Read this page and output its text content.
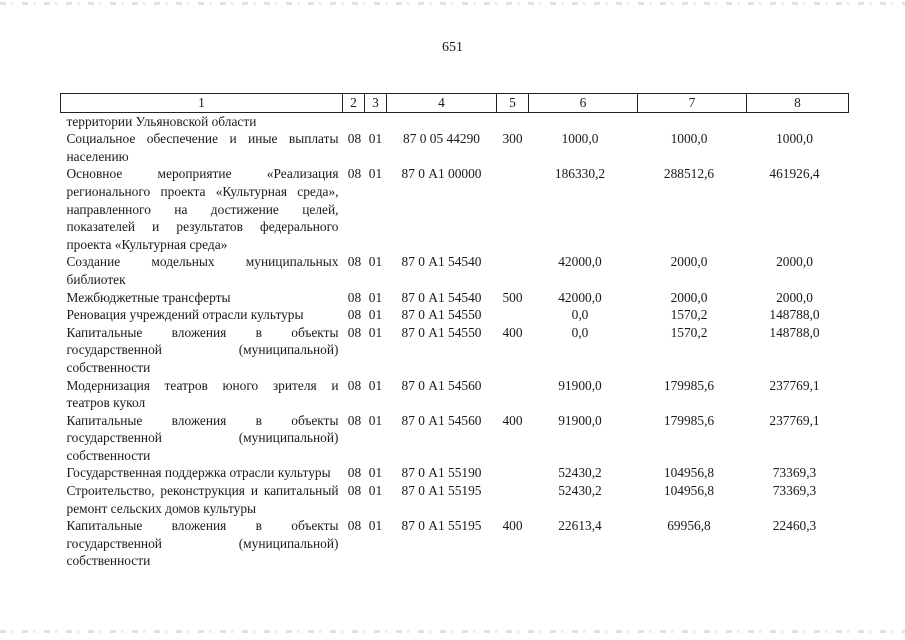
651
1	2	3	4	5	6	7	8
территории Ульяновской области							
Социальное обеспечение и иные выплаты населению	08	01	87 0 05 44290	300	1000,0	1000,0	1000,0
Основное мероприятие «Реализация регионального проекта «Культурная среда», направленного на достижение целей, показателей и результатов федерального проекта «Культурная среда»	08	01	87 0 А1 00000		186330,2	288512,6	461926,4
Создание модельных муниципальных библиотек	08	01	87 0 А1 54540		42000,0	2000,0	2000,0
Межбюджетные трансферты	08	01	87 0 А1 54540	500	42000,0	2000,0	2000,0
Реновация учреждений отрасли культуры	08	01	87 0 А1 54550		0,0	1570,2	148788,0
Капитальные вложения в объекты государственной (муниципальной) собственности	08	01	87 0 А1 54550	400	0,0	1570,2	148788,0
Модернизация театров юного зрителя и театров кукол	08	01	87 0 А1 54560		91900,0	179985,6	237769,1
Капитальные вложения в объекты государственной (муниципальной) собственности	08	01	87 0 А1 54560	400	91900,0	179985,6	237769,1
Государственная поддержка отрасли культуры	08	01	87 0 А1 55190		52430,2	104956,8	73369,3
Строительство, реконструкция и капитальный ремонт сельских домов культуры	08	01	87 0 А1 55195		52430,2	104956,8	73369,3
Капитальные вложения в объекты государственной (муниципальной) собственности	08	01	87 0 А1 55195	400	22613,4	69956,8	22460,3
